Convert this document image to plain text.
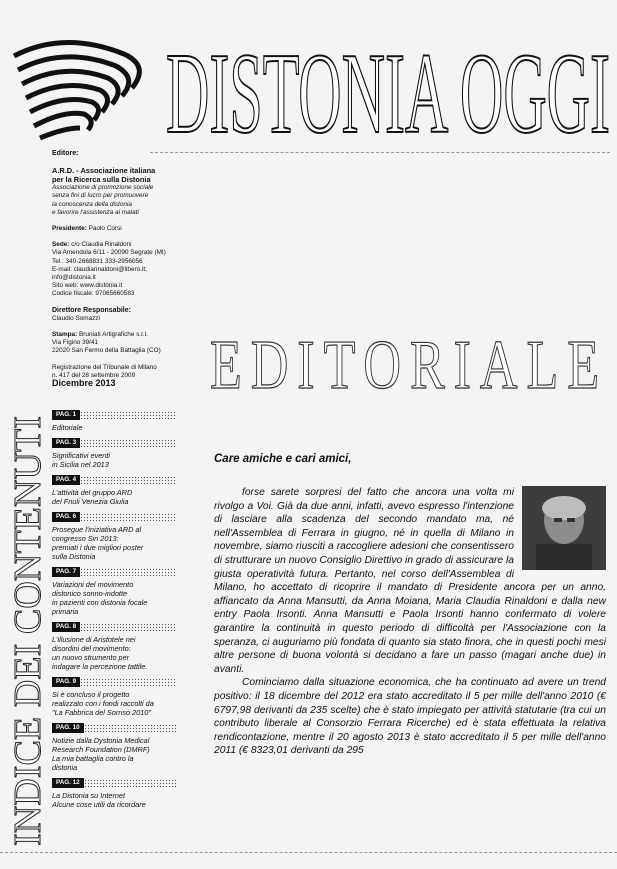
DISTONIA OGGI
Editore:
A.R.D. - Associazione italiana
per la Ricerca sulla Distonia
Associazione di promozione sociale
senza fini di lucro per promuovere
la conoscenza della distonia
e favorire l'assistenza ai malati
Presidente: Paolo Corsi
Sede: c/o Claudia Rinaldoni
Via Amendola 6/11 - 20090 Segrate (MI)
Tel.: 340-2668831 333-2956056
E-mail: claudiarinaldoni@libero.it;
info@distonia.it
Sito web: www.distonia.it
Codice fiscale: 97065660583
Direttore Responsabile:
Claudio Somazzi
Stampa: Bruniati Artigrafiche s.r.l.
Via Figino 39/41
22020 San Fermo della Battaglia (CO)
Registrazione del Tribunale di Milano
n. 417 del 28 settembre 2009
Dicembre 2013
INDICE DEI CONTENUTI
PAG. 1
Editoriale
PAG. 3
Significativi eventi
in Sicilia nel 2013
PAG. 4
L'attività del gruppo ARD
del Friuli Venezia Giulia
PAG. 6
Prosegue l'iniziativa ARD al
congresso Sin 2013:
premiati i due migliori poster
sulla Distonia
PAG. 7
Variazioni del movimento
distonico sonno-indotte
in pazienti con distonia focale
primaria
PAG. 8
L'illusione di Aristotele nei
disordini del movimento:
un nuovo strumento per
indagare la percezione tattile.
PAG. 9
Si è concluso il progetto
realizzato con i fondi raccolti da
"La Fabbrica del Sorriso 2010"
PAG. 10
Notizie dalla Dystonia Medical
Research Foundation (DMRF)
La mia battaglia contro la
distonia
PAG. 12
La Distonia su Internet
Alcune cose utili da ricordare
EDITORIALE
Care amiche e cari amici,

forse sarete sorpresi del fatto che ancora una volta mi rivolgo a Voi. Già da due anni, infatti, avevo espresso l'intenzione di lasciare alla scadenza del secondo mandato ma, né nell'Assemblea di Ferrara in giugno, né in quella di Milano in novembre, siamo riusciti a raccogliere adesioni che consentissero di strutturare un nuovo Consiglio Direttivo in grado di assicurare la giusta operatività futura. Pertanto, nel corso dell'Assemblea di Milano, ho accettato di ricoprire il mandato di Presidente ancora per un anno, affiancato da Anna Mansutti, da Anna Moiana, Maria Claudia Rinaldoni e dalla new entry Paola Irsonti. Anna Mansutti e Paola Irsonti hanno confermato di volere garantire la continuità in questo periodo di difficoltà per l'Associazione con la speranza, ci auguriamo più fondata di quanto sia stato finora, che in questi pochi mesi altre persone di buona volontà si decidano a fare un passo (magari anche due) in avanti.

Cominciamo dalla situazione economica, che ha continuato ad avere un trend positivo: il 18 dicembre del 2012 era stato accreditato il 5 per mille dell'anno 2010 (€ 6797,98 derivanti da 235 scelte) che è stato impiegato per attività statutarie (tra cui un contributo liberale al Consorzio Ferrara Ricerche) ed è stata effettuata la relativa rendicontazione, mentre il 20 agosto 2013 è stato accreditato il 5 per mille dell'anno 2011 (€ 8323,01 derivanti da 295
